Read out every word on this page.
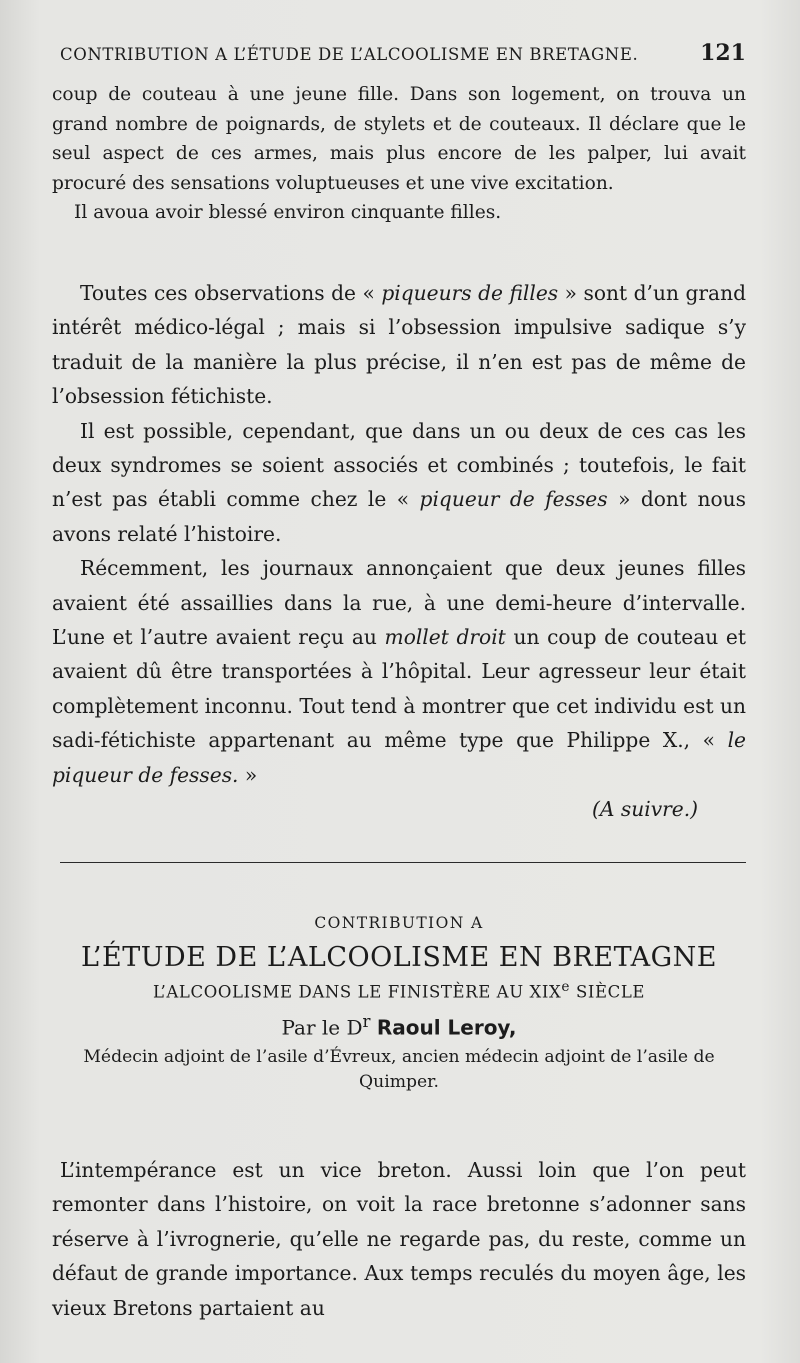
CONTRIBUTION A L’ÉTUDE DE L’ALCOOLISME EN BRETAGNE.	121

coup de couteau à une jeune fille. Dans son logement, on trouva un grand nombre de poignards, de stylets et de couteaux. Il déclare que le seul aspect de ces armes, mais plus encore de les palper, lui avait procuré des sensations voluptueuses et une vive excitation.

Il avoua avoir blessé environ cinquante filles.

Toutes ces observations de « piqueurs de filles » sont d’un grand intérêt médico-légal ; mais si l’obsession impulsive sadique s’y traduit de la manière la plus précise, il n’en est pas de même de l’obsession fétichiste.

Il est possible, cependant, que dans un ou deux de ces cas les deux syndromes se soient associés et combinés ; toutefois, le fait n’est pas établi comme chez le « piqueur de fesses » dont nous avons relaté l’histoire.

Récemment, les journaux annonçaient que deux jeunes filles avaient été assaillies dans la rue, à une demi-heure d’intervalle. L’une et l’autre avaient reçu au mollet droit un coup de couteau et avaient dû être transportées à l’hôpital. Leur agresseur leur était complètement inconnu. Tout tend à montrer que cet individu est un sadi-fétichiste appartenant au même type que Philippe X., « le piqueur de fesses. »

(A suivre.)

CONTRIBUTION A
L’ÉTUDE DE L’ALCOOLISME EN BRETAGNE
L’ALCOOLISME DANS LE FINISTÈRE AU XIXe SIÈCLE
Par le $D^r$ Raoul Leroy,
Médecin adjoint de l’asile d’Évreux, ancien médecin adjoint de l’asile de Quimper.

L’intempérance est un vice breton. Aussi loin que l’on peut remonter dans l’histoire, on voit la race bretonne s’adonner sans réserve à l’ivrognerie, qu’elle ne regarde pas, du reste, comme un défaut de grande importance. Aux temps reculés du moyen âge, les vieux Bretons partaient au
